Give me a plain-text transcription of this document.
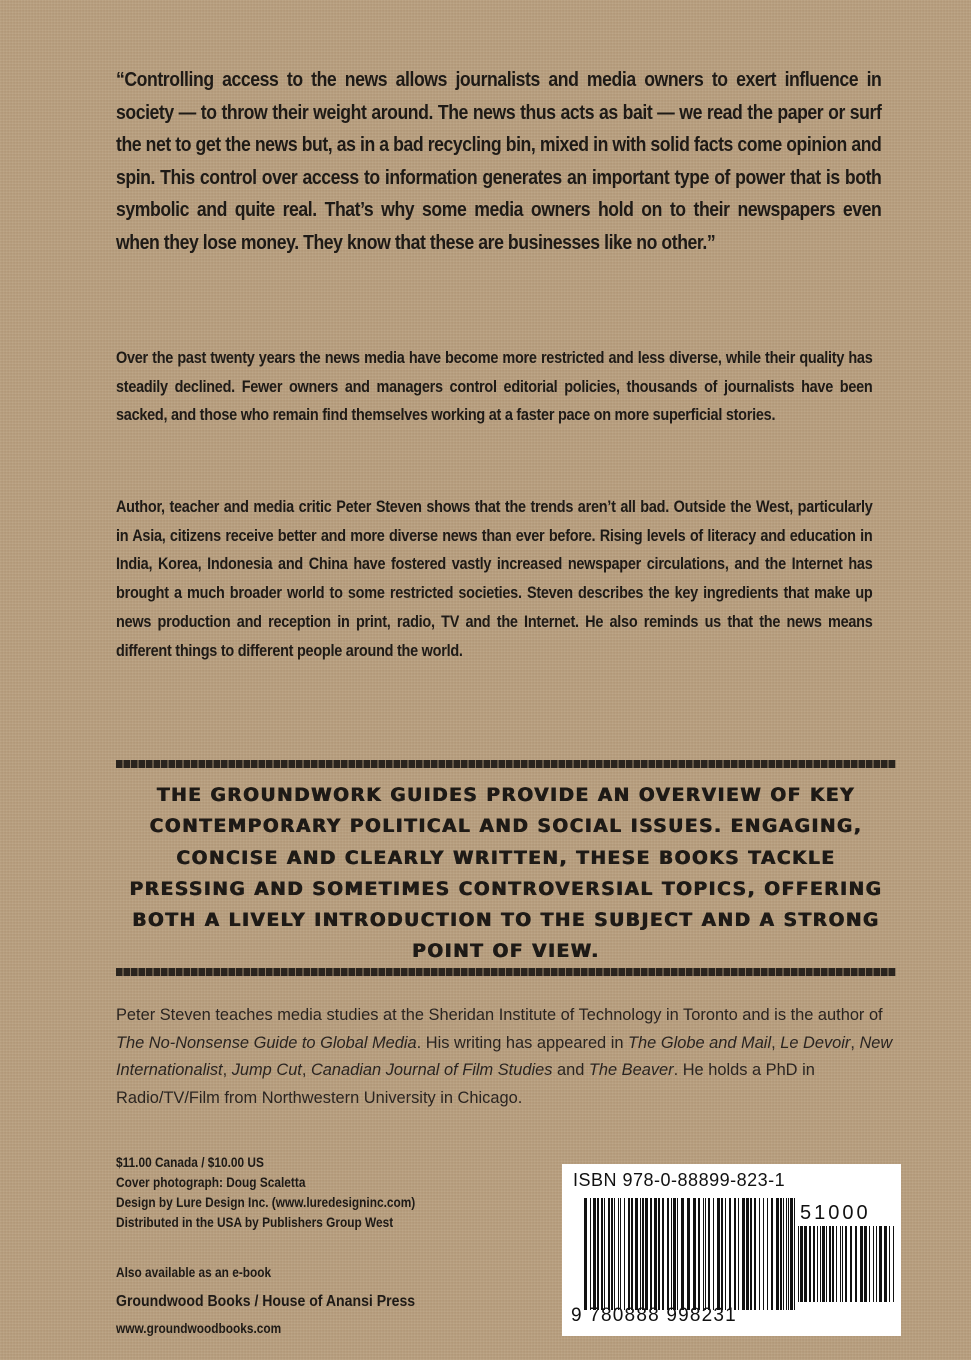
“Controlling access to the news allows journalists and media owners to exert influence in society — to throw their weight around. The news thus acts as bait — we read the paper or surf the net to get the news but, as in a bad recycling bin, mixed in with solid facts come opinion and spin. This control over access to information generates an important type of power that is both symbolic and quite real. That’s why some media owners hold on to their newspapers even when they lose money. They know that these are businesses like no other.”

Over the past twenty years the news media have become more restricted and less diverse, while their quality has steadily declined. Fewer owners and managers control editorial policies, thousands of journalists have been sacked, and those who remain find themselves working at a faster pace on more superficial stories.

Author, teacher and media critic Peter Steven shows that the trends aren’t all bad. Outside the West, particularly in Asia, citizens receive better and more diverse news than ever before. Rising levels of literacy and education in India, Korea, Indonesia and China have fostered vastly increased newspaper circulations, and the Internet has brought a much broader world to some restricted societies. Steven describes the key ingredients that make up news production and reception in print, radio, TV and the Internet. He also reminds us that the news means different things to different people around the world.

THE GROUNDWORK GUIDES PROVIDE AN OVERVIEW OF KEY CONTEMPORARY POLITICAL AND SOCIAL ISSUES. ENGAGING, CONCISE AND CLEARLY WRITTEN, THESE BOOKS TACKLE PRESSING AND SOMETIMES CONTROVERSIAL TOPICS, OFFERING BOTH A LIVELY INTRODUCTION TO THE SUBJECT AND A STRONG POINT OF VIEW.
Peter Steven teaches media studies at the Sheridan Institute of Technology in Toronto and is the author of The No-Nonsense Guide to Global Media. His writing has appeared in The Globe and Mail, Le Devoir, New Internationalist, Jump Cut, Canadian Journal of Film Studies and The Beaver. He holds a PhD in Radio/TV/Film from Northwestern University in Chicago.
$11.00 Canada / $10.00 US
Cover photograph: Doug Scaletta
Design by Lure Design Inc. (www.luredesigninc.com)
Distributed in the USA by Publishers Group West
Also available as an e-book
Groundwood Books / House of Anansi Press
www.groundwoodbooks.com
ISBN 978-0-88899-823-1
51000
9 780888 998231
